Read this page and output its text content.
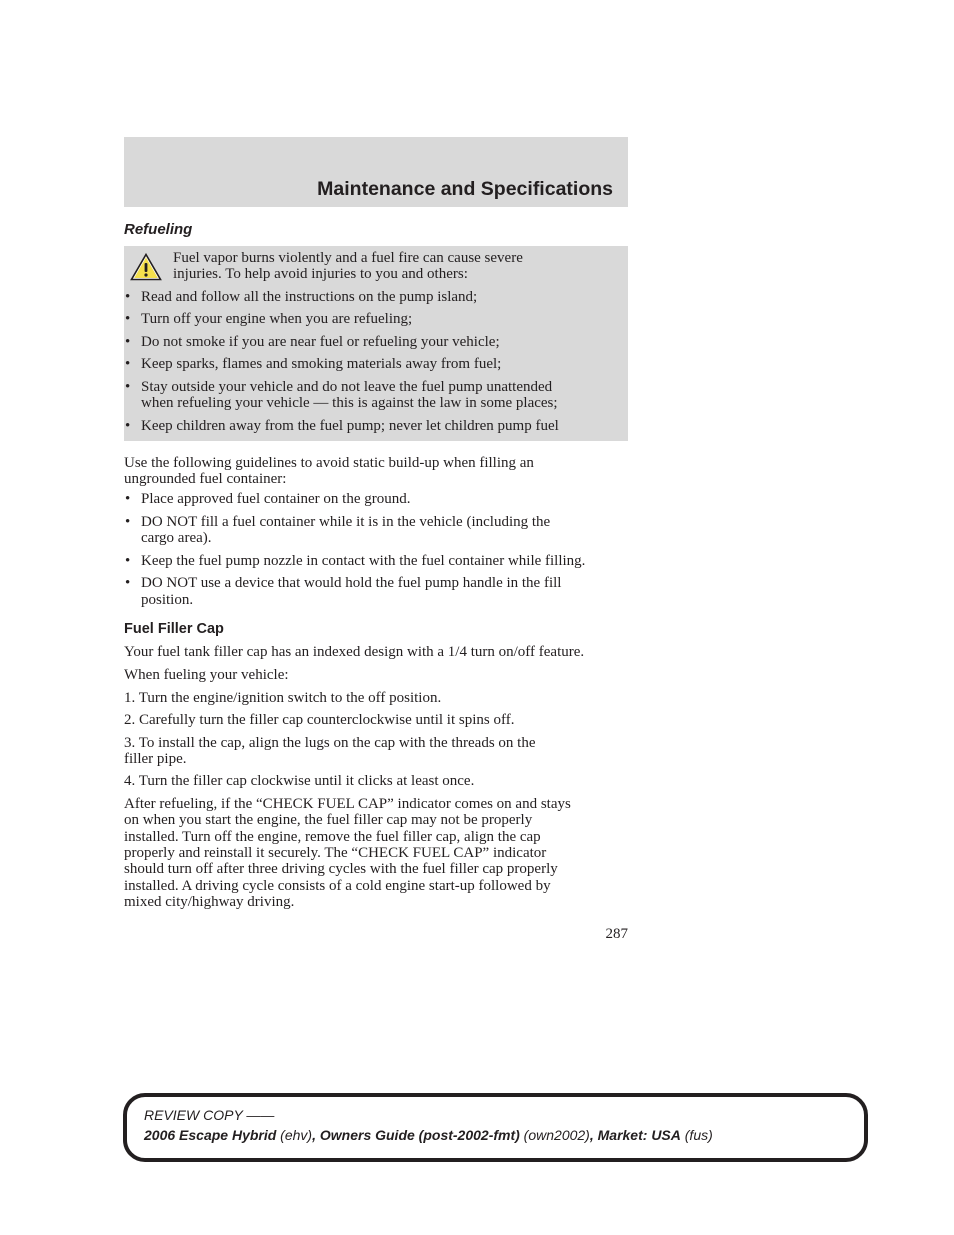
Maintenance and Specifications
Refueling
Fuel vapor burns violently and a fuel fire can cause severe
injuries. To help avoid injuries to you and others:
• Read and follow all the instructions on the pump island;
• Turn off your engine when you are refueling;
• Do not smoke if you are near fuel or refueling your vehicle;
• Keep sparks, flames and smoking materials away from fuel;
• Stay outside your vehicle and do not leave the fuel pump unattended
when refueling your vehicle — this is against the law in some places;
• Keep children away from the fuel pump; never let children pump fuel
Use the following guidelines to avoid static build-up when filling an
ungrounded fuel container:
• Place approved fuel container on the ground.
• DO NOT fill a fuel container while it is in the vehicle (including the
cargo area).
• Keep the fuel pump nozzle in contact with the fuel container while filling.
• DO NOT use a device that would hold the fuel pump handle in the fill
position.
Fuel Filler Cap
Your fuel tank filler cap has an indexed design with a 1/4 turn on/off feature.
When fueling your vehicle:
1. Turn the engine/ignition switch to the off position.
2. Carefully turn the filler cap counterclockwise until it spins off.
3. To install the cap, align the lugs on the cap with the threads on the
filler pipe.
4. Turn the filler cap clockwise until it clicks at least once.
After refueling, if the “CHECK FUEL CAP” indicator comes on and stays
on when you start the engine, the fuel filler cap may not be properly
installed. Turn off the engine, remove the fuel filler cap, align the cap
properly and reinstall it securely. The “CHECK FUEL CAP” indicator
should turn off after three driving cycles with the fuel filler cap properly
installed. A driving cycle consists of a cold engine start-up followed by
mixed city/highway driving.
287
REVIEW COPY ——
2006 Escape Hybrid (ehv), Owners Guide (post-2002-fmt) (own2002), Market: USA (fus)
